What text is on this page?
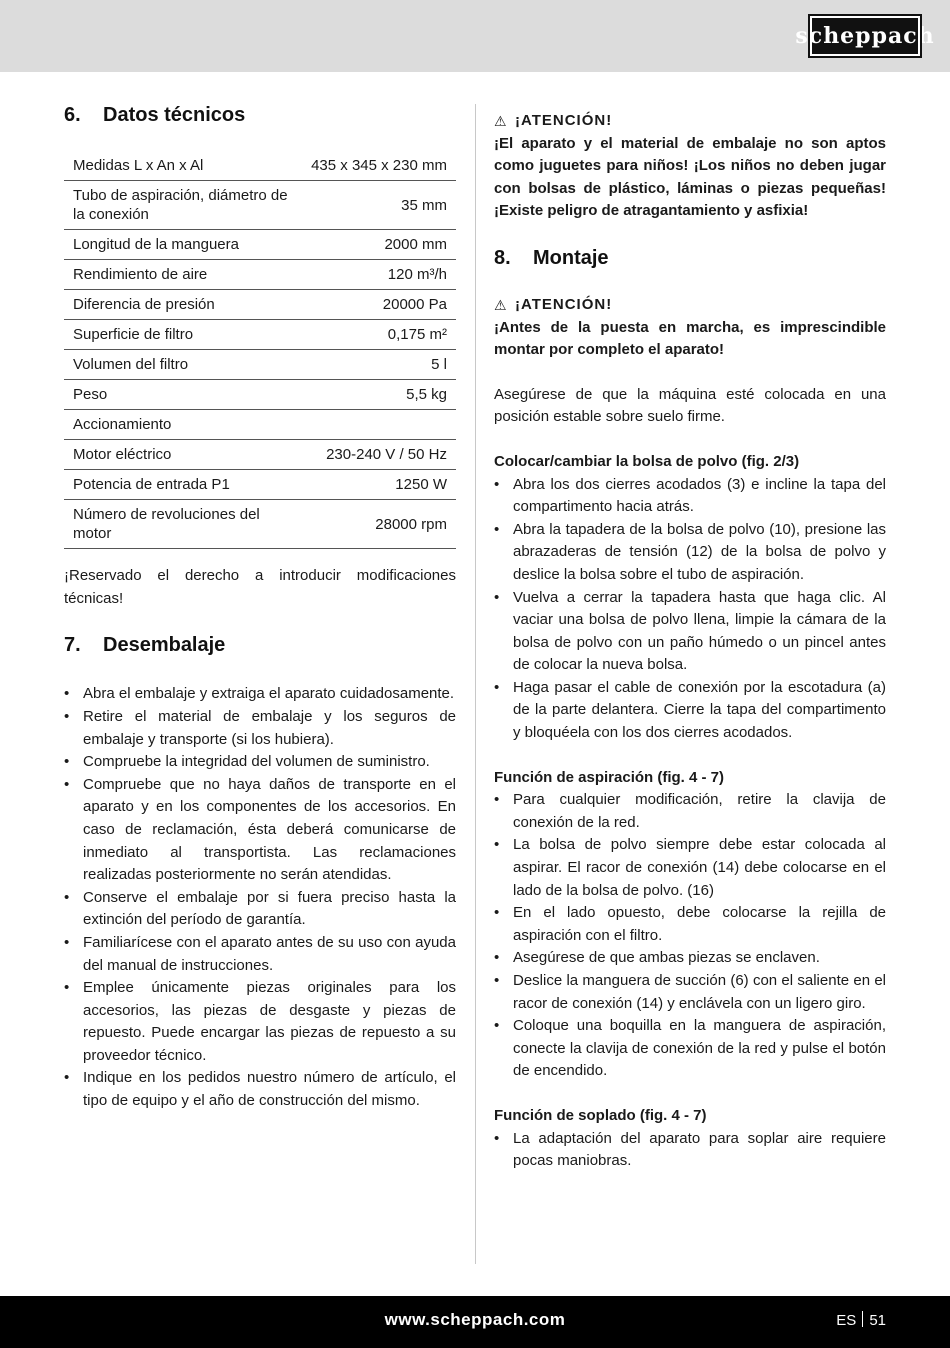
scheppach
6.	Datos técnicos
Medidas L x An x Al	435 x 345 x 230 mm
Tubo de aspiración, diámetro de la conexión	35 mm
Longitud de la manguera	2000 mm
Rendimiento de aire	120 m³/h
Diferencia de presión	20000 Pa
Superficie de filtro	0,175 m²
Volumen del filtro	5 l
Peso	5,5 kg
Accionamiento	
Motor eléctrico	230-240 V / 50 Hz
Potencia de entrada P1	1250 W
Número de revoluciones del motor	28000 rpm

¡Reservado el derecho a introducir modificaciones técnicas!

7.	Desembalaje
• Abra el embalaje y extraiga el aparato cuidadosamente.
• Retire el material de embalaje y los seguros de embalaje y transporte (si los hubiera).
• Compruebe la integridad del volumen de suministro.
• Compruebe que no haya daños de transporte en el aparato y en los componentes de los accesorios. En caso de reclamación, ésta deberá comunicarse de inmediato al transportista. Las reclamaciones realizadas posteriormente no serán atendidas.
• Conserve el embalaje por si fuera preciso hasta la extinción del período de garantía.
• Familiarícese con el aparato antes de su uso con ayuda del manual de instrucciones.
• Emplee únicamente piezas originales para los accesorios, las piezas de desgaste y piezas de repuesto. Puede encargar las piezas de repuesto a su proveedor técnico.
• Indique en los pedidos nuestro número de artículo, el tipo de equipo y el año de construcción del mismo.
⚠ ¡ATENCIÓN!

¡El aparato y el material de embalaje no son aptos como juguetes para niños! ¡Los niños no deben jugar con bolsas de plástico, láminas o piezas pequeñas! ¡Existe peligro de atragantamiento y asfixia!

8.	Montaje
⚠ ¡ATENCIÓN!

¡Antes de la puesta en marcha, es imprescindible montar por completo el aparato!

Asegúrese de que la máquina esté colocada en una posición estable sobre suelo firme.

Colocar/cambiar la bolsa de polvo (fig. 2/3)
• Abra los dos cierres acodados (3) e incline la tapa del compartimento hacia atrás.
• Abra la tapadera de la bolsa de polvo (10), presione las abrazaderas de tensión (12) de la bolsa de polvo y deslice la bolsa sobre el tubo de aspiración.
• Vuelva a cerrar la tapadera hasta que haga clic. Al vaciar una bolsa de polvo llena, limpie la cámara de la bolsa de polvo con un paño húmedo o un pincel antes de colocar la nueva bolsa.
• Haga pasar el cable de conexión por la escotadura (a) de la parte delantera. Cierre la tapa del compartimento y bloquéela con los dos cierres acodados.
Función de aspiración (fig. 4 - 7)
• Para cualquier modificación, retire la clavija de conexión de la red.
• La bolsa de polvo siempre debe estar colocada al aspirar. El racor de conexión (14) debe colocarse en el lado de la bolsa de polvo. (16)
• En el lado opuesto, debe colocarse la rejilla de aspiración con el filtro.
• Asegúrese de que ambas piezas se enclaven.
• Deslice la manguera de succión (6) con el saliente en el racor de conexión (14) y enclávela con un ligero giro.
• Coloque una boquilla en la manguera de aspiración, conecte la clavija de conexión de la red y pulse el botón de encendido.
Función de soplado (fig. 4 - 7)
• La adaptación del aparato para soplar aire requiere pocas maniobras.
www.scheppach.com	ES 51
